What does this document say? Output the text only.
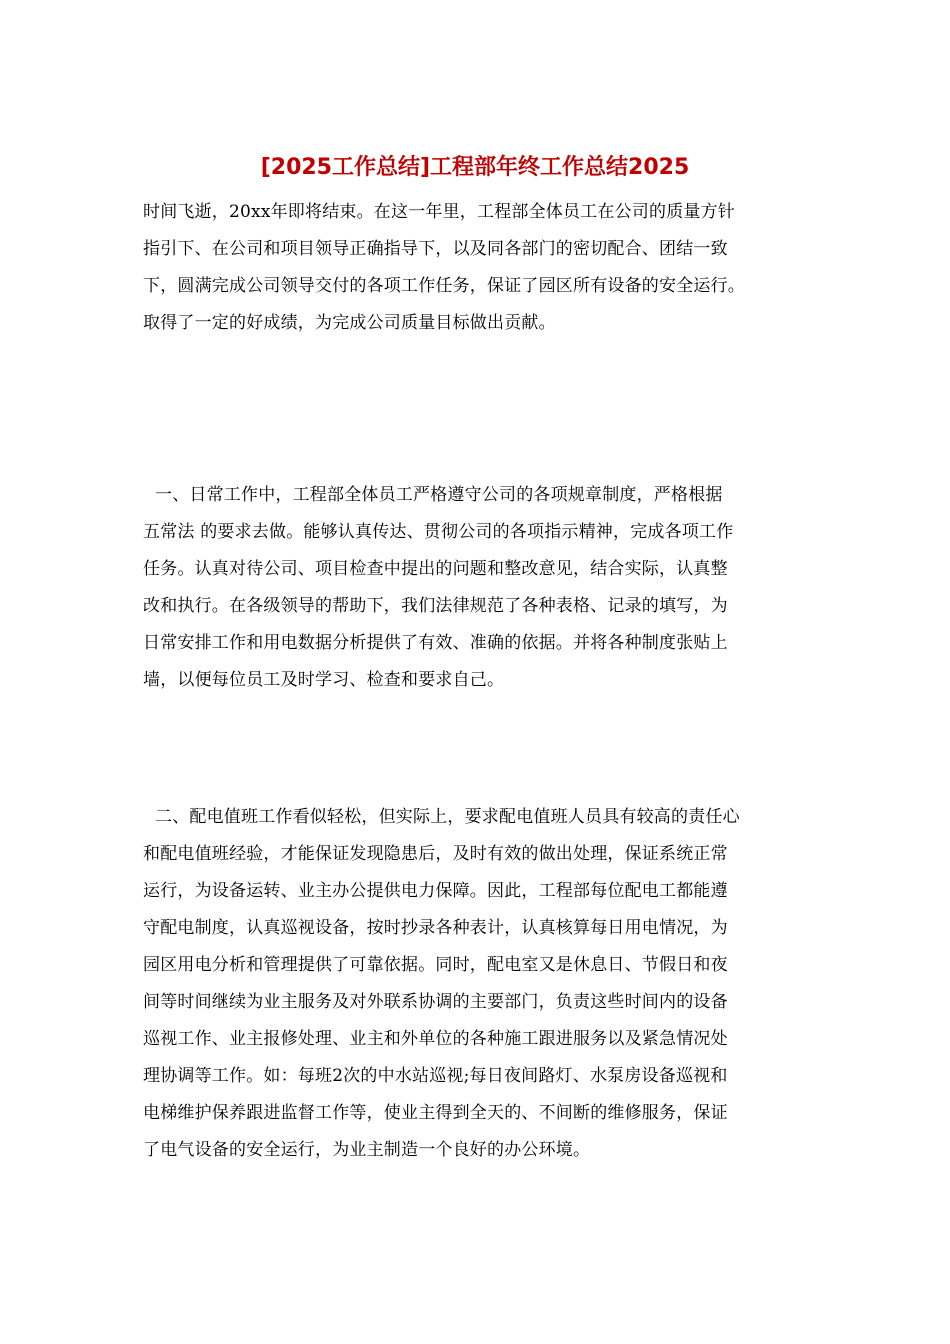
[2025工作总结]工程部年终工作总结2025

时间飞逝，20xx年即将结束。在这一年里，工程部全体员工在公司的质量方针
指引下、在公司和项目领导正确指导下，以及同各部门的密切配合、团结一致
下，圆满完成公司领导交付的各项工作任务，保证了园区所有设备的安全运行。
取得了一定的好成绩，为完成公司质量目标做出贡献。

一、日常工作中，工程部全体员工严格遵守公司的各项规章制度，严格根据
五常法 的要求去做。能够认真传达、贯彻公司的各项指示精神，完成各项工作
任务。认真对待公司、项目检查中提出的问题和整改意见，结合实际，认真整
改和执行。在各级领导的帮助下，我们法律规范了各种表格、记录的填写，为
日常安排工作和用电数据分析提供了有效、准确的依据。并将各种制度张贴上
墙，以便每位员工及时学习、检查和要求自己。

二、配电值班工作看似轻松，但实际上，要求配电值班人员具有较高的责任心
和配电值班经验，才能保证发现隐患后，及时有效的做出处理，保证系统正常
运行，为设备运转、业主办公提供电力保障。因此，工程部每位配电工都能遵
守配电制度，认真巡视设备，按时抄录各种表计，认真核算每日用电情况，为
园区用电分析和管理提供了可靠依据。同时，配电室又是休息日、节假日和夜
间等时间继续为业主服务及对外联系协调的主要部门，负责这些时间内的设备
巡视工作、业主报修处理、业主和外单位的各种施工跟进服务以及紧急情况处
理协调等工作。如：每班2次的中水站巡视;每日夜间路灯、水泵房设备巡视和
电梯维护保养跟进监督工作等，使业主得到全天的、不间断的维修服务，保证
了电气设备的安全运行，为业主制造一个良好的办公环境。
